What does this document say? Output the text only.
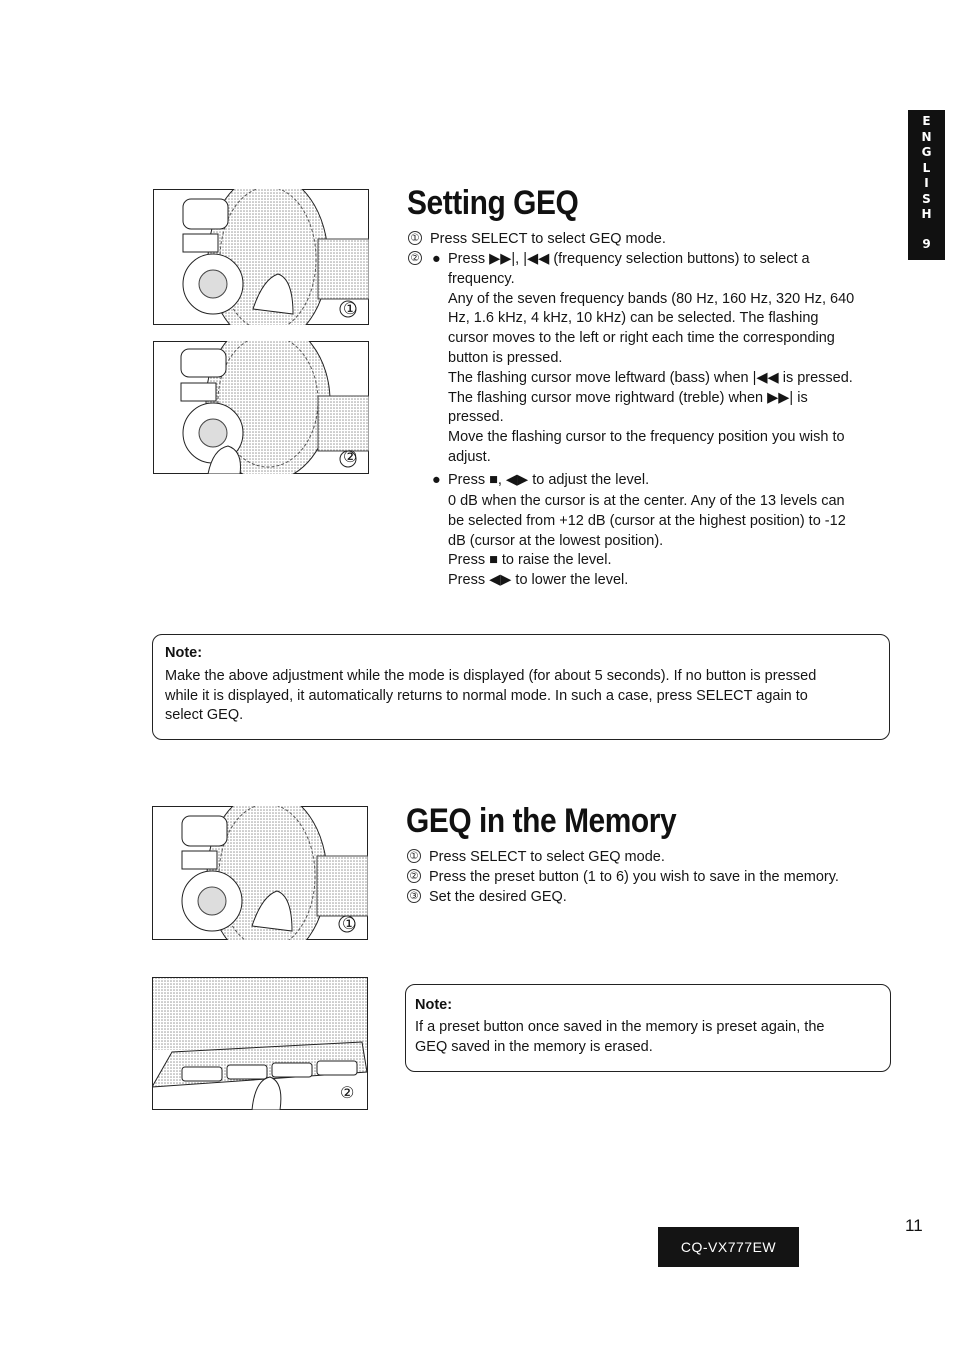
E
N
G
L
I
S
H
9
①
②
Setting GEQ
① Press SELECT to select GEQ mode.
② ● Press ▶▶|, |◀◀ (frequency selection buttons) to select a
frequency.
Any of the seven frequency bands (80 Hz, 160 Hz, 320 Hz, 640
Hz, 1.6 kHz, 4 kHz, 10 kHz) can be selected. The flashing
cursor moves to the left or right each time the corresponding
button is pressed.
The flashing cursor move leftward (bass) when |◀◀ is pressed.
The flashing cursor move rightward (treble) when ▶▶| is
pressed.
Move the flashing cursor to the frequency position you wish to
adjust.
● Press ■, ◀▶ to adjust the level.
0 dB when the cursor is at the center. Any of the 13 levels can
be selected from +12 dB (cursor at the highest position) to -12
dB (cursor at the lowest position).
Press ■ to raise the level.
Press ◀▶ to lower the level.
Note:
Make the above adjustment while the mode is displayed (for about 5 seconds). If no button is pressed
while it is displayed, it automatically returns to normal mode. In such a case, press SELECT again to
select GEQ.
①
②
GEQ in the Memory
① Press SELECT to select GEQ mode.
② Press the preset button (1 to 6) you wish to save in the memory.
③ Set the desired GEQ.
Note:
If a preset button once saved in the memory is preset again, the
GEQ saved in the memory is erased.
11
CQ-VX777EW
